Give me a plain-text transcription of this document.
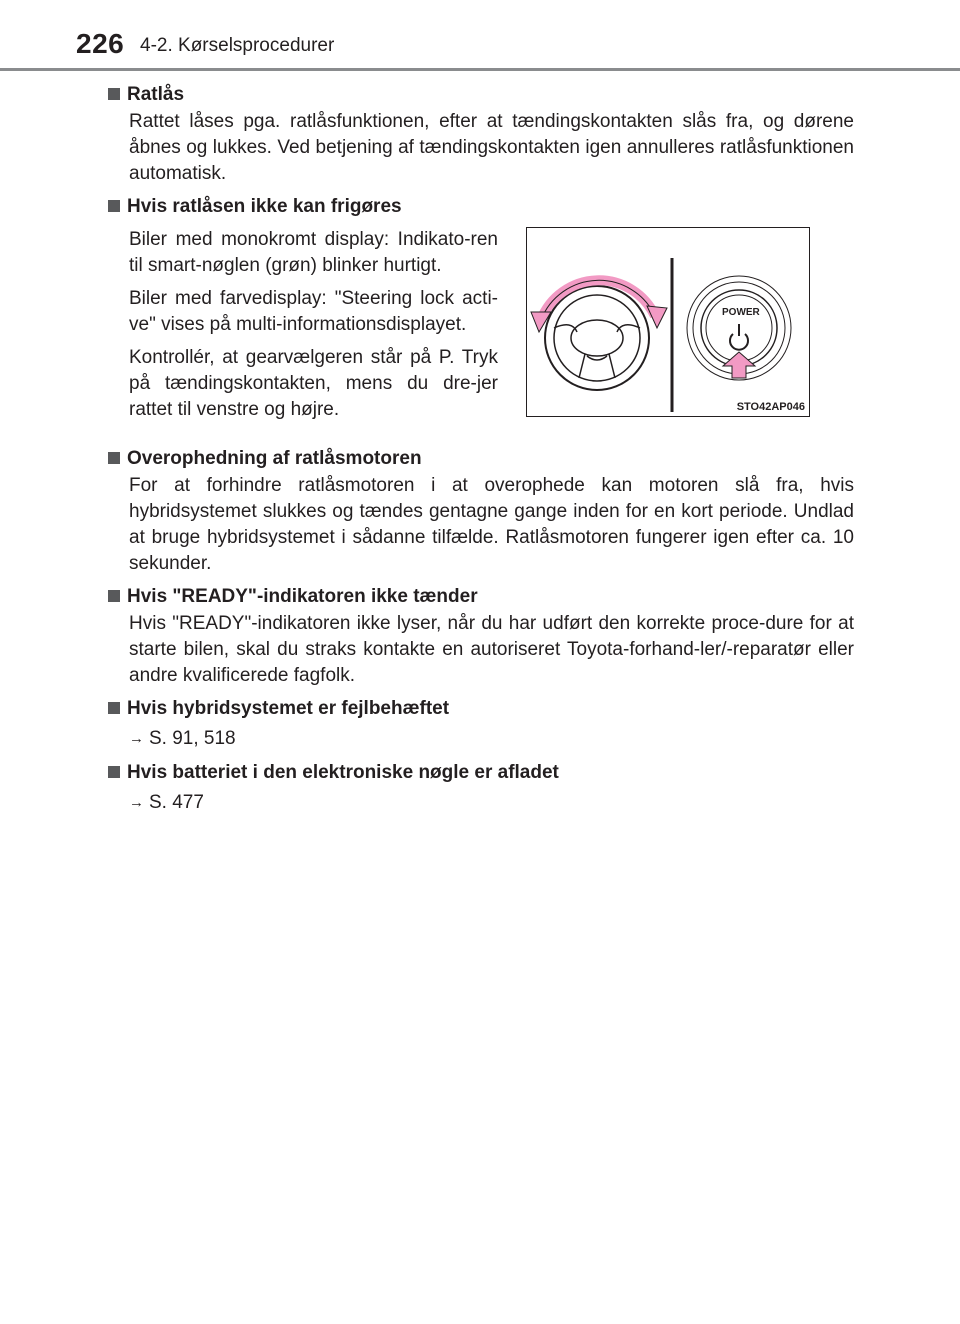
226 4-2. Kørselsprocedurer
Ratlås
Rattet låses pga. ratlåsfunktionen, efter at tændingskontakten slås fra, og dørene åbnes og lukkes. Ved betjening af tændingskontakten igen annulleres ratlåsfunktionen automatisk.
Hvis ratlåsen ikke kan frigøres

Biler med monokromt display: Indikato-ren til smart-nøglen (grøn) blinker hurtigt.

Biler med farvedisplay: "Steering lock acti-ve" vises på multi-informationsdisplayet.

Kontrollér, at gearvælgeren står på P. Tryk på tændingskontakten, mens du dre-jer rattet til venstre og højre.

POWER
STO42AP046
Overophedning af ratlåsmotoren
For at forhindre ratlåsmotoren i at overophede kan motoren slå fra, hvis hybridsystemet slukkes og tændes gentagne gange inden for en kort periode. Undlad at bruge hybridsystemet i sådanne tilfælde. Ratlåsmotoren fungerer igen efter ca. 10 sekunder.
Hvis "READY"-indikatoren ikke tænder
Hvis "READY"-indikatoren ikke lyser, når du har udført den korrekte proce-dure for at starte bilen, skal du straks kontakte en autoriseret Toyota-forhand-ler/-reparatør eller andre kvalificerede fagfolk.
Hvis hybridsystemet er fejlbehæftet
→ S. 91, 518
Hvis batteriet i den elektroniske nøgle er afladet
→ S. 477
